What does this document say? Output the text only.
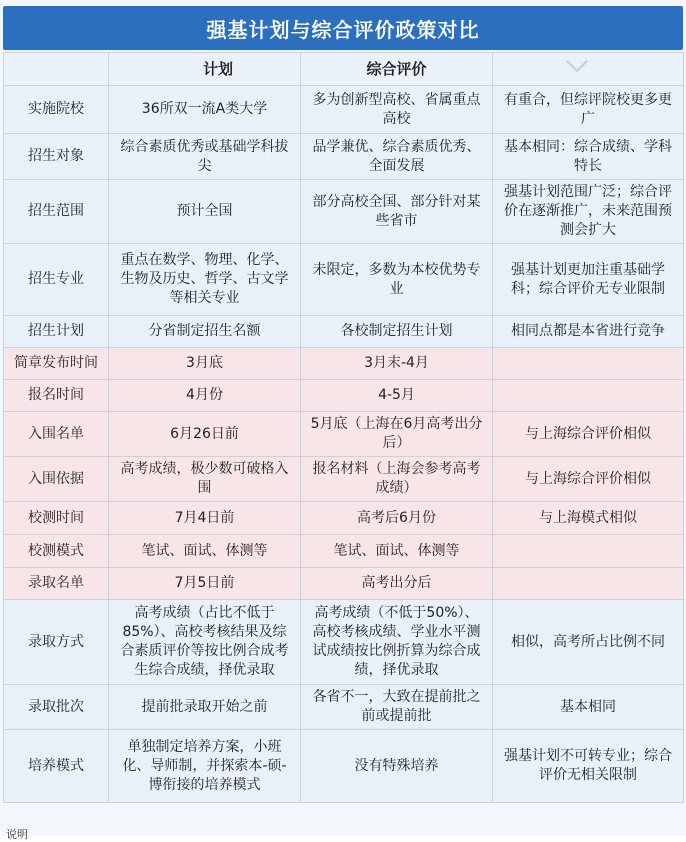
强基计划与综合评价政策对比
	计划	综合评价	

实施院校	36所双一流A类大学	多为创新型高校、省属重点高校	有重合，但综评院校更多更广
招生对象	综合素质优秀或基础学科拔尖	品学兼优、综合素质优秀、全面发展	基本相同：综合成绩、学科特长
招生范围	预计全国	部分高校全国、部分针对某些省市	强基计划范围广泛；综合评价在逐渐推广，未来范围预测会扩大
招生专业	重点在数学、物理、化学、生物及历史、哲学、古文学等相关专业	未限定，多数为本校优势专业	强基计划更加注重基础学科；综合评价无专业限制
招生计划	分省制定招生名额	各校制定招生计划	相同点都是本省进行竞争
简章发布时间	3月底	3月末-4月	
报名时间	4月份	4-5月	
入围名单	6月26日前	5月底（上海在6月高考出分后）	与上海综合评价相似
入围依据	高考成绩，极少数可破格入围	报名材料（上海会参考高考成绩）	与上海综合评价相似
校测时间	7月4日前	高考后6月份	与上海模式相似
校测模式	笔试、面试、体测等	笔试、面试、体测等	
录取名单	7月5日前	高考出分后	
录取方式	高考成绩（占比不低于85%）、高校考核结果及综合素质评价等按比例合成考生综合成绩，择优录取	高考成绩（不低于50%）、高校考核成绩、学业水平测试成绩按比例折算为综合成绩，择优录取	相似，高考所占比例不同
录取批次	提前批录取开始之前	各省不一，大致在提前批之前或提前批	基本相同
培养模式	单独制定培养方案，小班化、导师制，并探索本-硕-博衔接的培养模式	没有特殊培养	强基计划不可转专业；综合评价无相关限制
说明
